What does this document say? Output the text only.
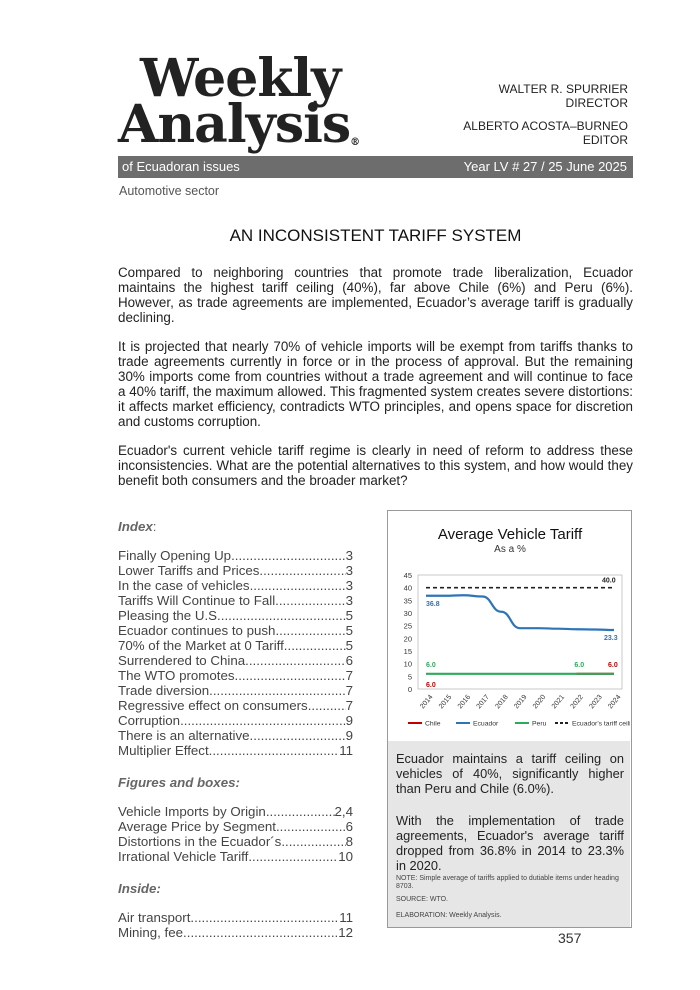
Weekly
Analysis®
WALTER R. SPURRIER
DIRECTOR
ALBERTO ACOSTA–BURNEO
EDITOR
of Ecuadoran issues	Year LV # 27 / 25 June 2025
Automotive sector
AN INCONSISTENT TARIFF SYSTEM

Compared to neighboring countries that promote trade liberalization, Ecuador maintains the highest tariff ceiling (40%), far above Chile (6%) and Peru (6%). However, as trade agreements are implemented, Ecuador’s average tariff is gradually declining.

It is projected that nearly 70% of vehicle imports will be exempt from tariffs thanks to trade agreements currently in force or in the process of approval. But the remaining 30% imports come from countries without a trade agreement and will continue to face a 40% tariff, the maximum allowed. This fragmented system creates severe distortions: it affects market efficiency, contradicts WTO principles, and opens space for discretion and customs corruption.

Ecuador's current vehicle tariff regime is clearly in need of reform to address these inconsistencies. What are the potential alternatives to this system, and how would they benefit both consumers and the broader market?

Index:
Finally Opening Up. .....	3
Lower Tariffs and Prices. .....	3
In the case of vehicles .....	3
Tariffs Will Continue to Fall. .....	3
Pleasing the U.S. .....	5
Ecuador continues to push .....	5
70% of the Market at 0 Tariff. .....	5
Surrendered to China. .....	6
The WTO promotes .....	7
Trade diversion .....	7
Regressive effect on consumers. .....	7
Corruption. .....	9
There is an alternative. .....	9
Multiplier Effect. .....	11
Figures and boxes:
Vehicle Imports by Origin .....	2,4
Average Price by Segment .....	6
Distortions in the Ecuador´s .....	8
Irrational Vehicle Tariff .....	10
Inside:
Air transport. .....	11
Mining, fee. .....	12
Average Vehicle Tariff
As a %
0
5
10
15
20
25
30
35
40
45
2014 2015 2016 2017 2018 2019 2020 2021 2022 2023 2024
36.8
40.0
23.3
6.0	6.0	6.0
6.0
Chile	Ecuador	Peru	Ecuador's tariff ceili
Ecuador maintains a tariff ceiling on vehicles of 40%, significantly higher than Peru and Chile (6.0%).
With the implementation of trade agreements, Ecuador's average tariff dropped from 36.8% in 2014 to 23.3% in 2020.
NOTE: Simple average of tariffs applied to dutiable items under heading 8703.
SOURCE: WTO.
ELABORATION: Weekly Analysis.
357
